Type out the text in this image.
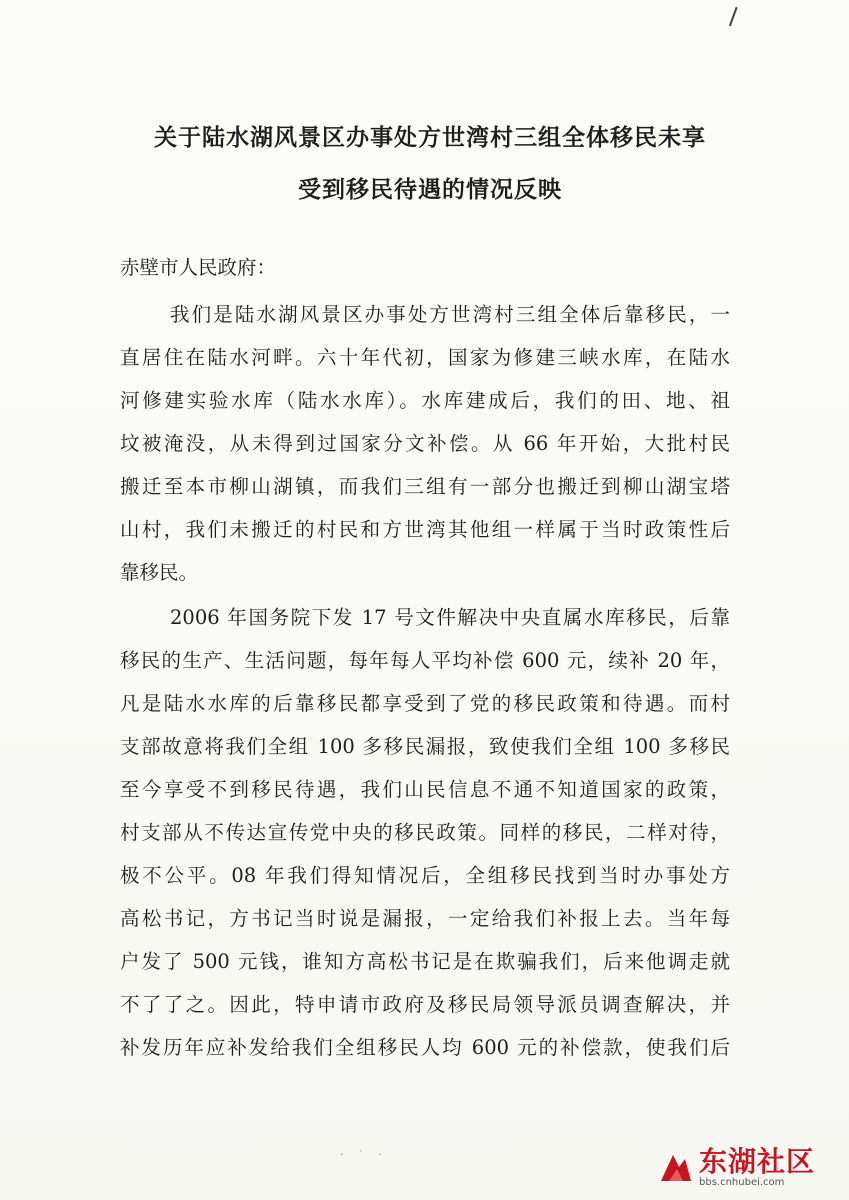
关于陆水湖风景区办事处方世湾村三组全体移民未享
受到移民待遇的情况反映

赤壁市人民政府：

我们是陆水湖风景区办事处方世湾村三组全体后靠移民，一

直居住在陆水河畔。六十年代初，国家为修建三峡水库，在陆水

河修建实验水库（陆水水库）。水库建成后，我们的田、地、祖

坟被淹没，从未得到过国家分文补偿。从 66 年开始，大批村民

搬迁至本市柳山湖镇，而我们三组有一部分也搬迁到柳山湖宝塔

山村，我们未搬迁的村民和方世湾其他组一样属于当时政策性后

靠移民。

2006 年国务院下发 17 号文件解决中央直属水库移民，后靠

移民的生产、生活问题，每年每人平均补偿 600 元，续补 20 年，

凡是陆水水库的后靠移民都享受到了党的移民政策和待遇。而村

支部故意将我们全组 100 多移民漏报，致使我们全组 100 多移民

至今享受不到移民待遇，我们山民信息不通不知道国家的政策，

村支部从不传达宣传党中央的移民政策。同样的移民，二样对待，

极不公平。08 年我们得知情况后，全组移民找到当时办事处方

高松书记，方书记当时说是漏报，一定给我们补报上去。当年每

户发了 500 元钱，谁知方高松书记是在欺骗我们，后来他调走就

不了了之。因此，特申请市政府及移民局领导派员调查解决，并

补发历年应补发给我们全组移民人均 600 元的补偿款，使我们后

· ˙ ·	东湖社区
bbs.cnhubei.com
